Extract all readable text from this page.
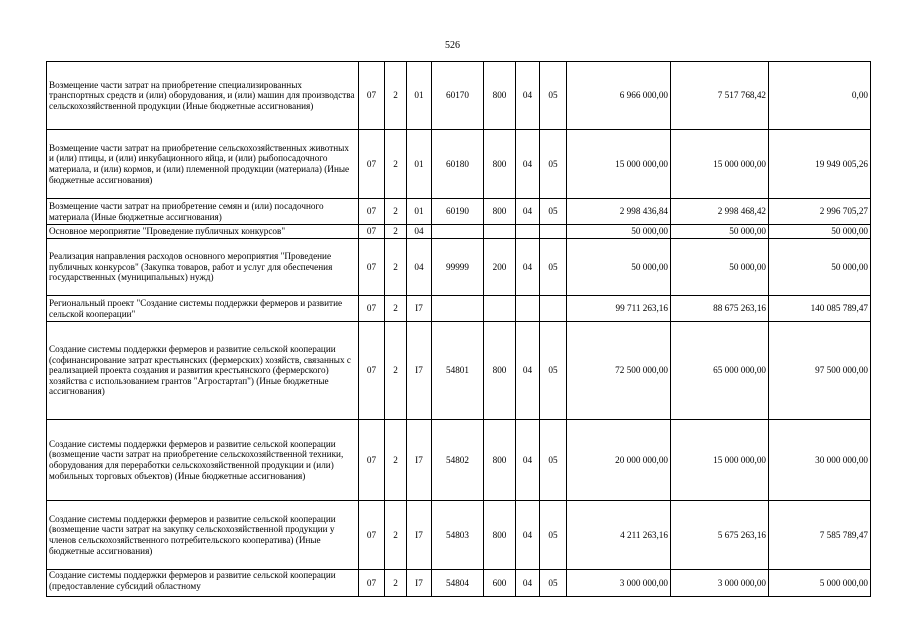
526
Возмещение части затрат на приобретение специализированных транспортных средств и (или) оборудования, и (или) машин для производства сельскохозяйственной продукции (Иные бюджетные ассигнования)	07	2	01	60170	800	04	05	6 966 000,00	7 517 768,42	0,00
Возмещение части затрат на приобретение сельскохозяйственных животных и (или) птицы, и (или) инкубационного яйца, и (или) рыбопосадочного материала, и (или) кормов, и (или) племенной продукции (материала) (Иные бюджетные ассигнования)	07	2	01	60180	800	04	05	15 000 000,00	15 000 000,00	19 949 005,26
Возмещение части затрат на приобретение семян и (или) посадочного материала (Иные бюджетные ассигнования)	07	2	01	60190	800	04	05	2 998 436,84	2 998 468,42	2 996 705,27
Основное мероприятие "Проведение публичных конкурсов"	07	2	04					50 000,00	50 000,00	50 000,00
Реализация направления расходов основного мероприятия "Проведение публичных конкурсов" (Закупка товаров, работ и услуг для обеспечения государственных (муниципальных) нужд)	07	2	04	99999	200	04	05	50 000,00	50 000,00	50 000,00
Региональный проект "Создание системы поддержки фермеров и развитие сельской кооперации"	07	2	I7					99 711 263,16	88 675 263,16	140 085 789,47
Создание системы поддержки фермеров и развитие сельской кооперации (софинансирование затрат крестьянских (фермерских) хозяйств, связанных с реализацией проекта создания и развития крестьянского (фермерского) хозяйства с использованием грантов "Агростартап") (Иные бюджетные ассигнования)	07	2	I7	54801	800	04	05	72 500 000,00	65 000 000,00	97 500 000,00
Создание системы поддержки фермеров и развитие сельской кооперации (возмещение части затрат на приобретение сельскохозяйственной техники, оборудования для переработки сельскохозяйственной продукции и (или) мобильных торговых объектов) (Иные бюджетные ассигнования)	07	2	I7	54802	800	04	05	20 000 000,00	15 000 000,00	30 000 000,00
Создание системы поддержки фермеров и развитие сельской кооперации (возмещение части затрат на закупку сельскохозяйственной продукции у членов сельскохозяйственного потребительского кооператива) (Иные бюджетные ассигнования)	07	2	I7	54803	800	04	05	4 211 263,16	5 675 263,16	7 585 789,47
Создание системы поддержки фермеров и развитие сельской кооперации (предоставление субсидий областному	07	2	I7	54804	600	04	05	3 000 000,00	3 000 000,00	5 000 000,00
